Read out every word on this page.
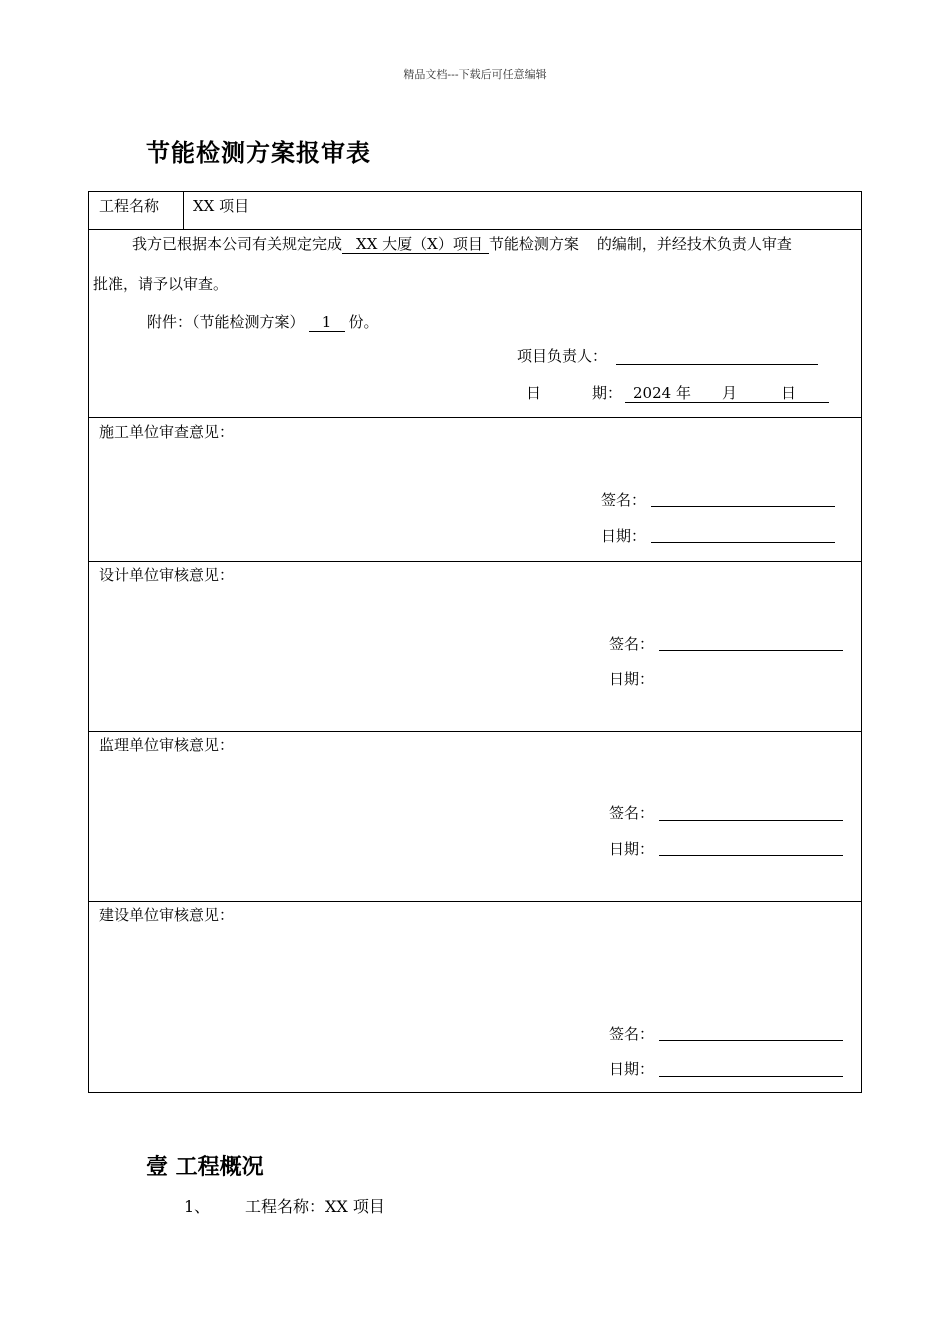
精品文档---下载后可任意编辑
节能检测方案报审表
工程名称 XX 项目
我方已根据本公司有关规定完成 XX 大厦（X）项目 节能检测方案 的编制，并经技术负责人审查
批准，请予以审查。
附件：（节能检测方案） 1 份。
项目负责人：
日	期： 2024 年 月	日
施工单位审查意见：
签名：
日期：
设计单位审核意见：
签名：
日期：
监理单位审核意见：
签名：
日期：
建设单位审核意见：
签名：
日期：
壹 工程概况
1、 工程名称：XX 项目
